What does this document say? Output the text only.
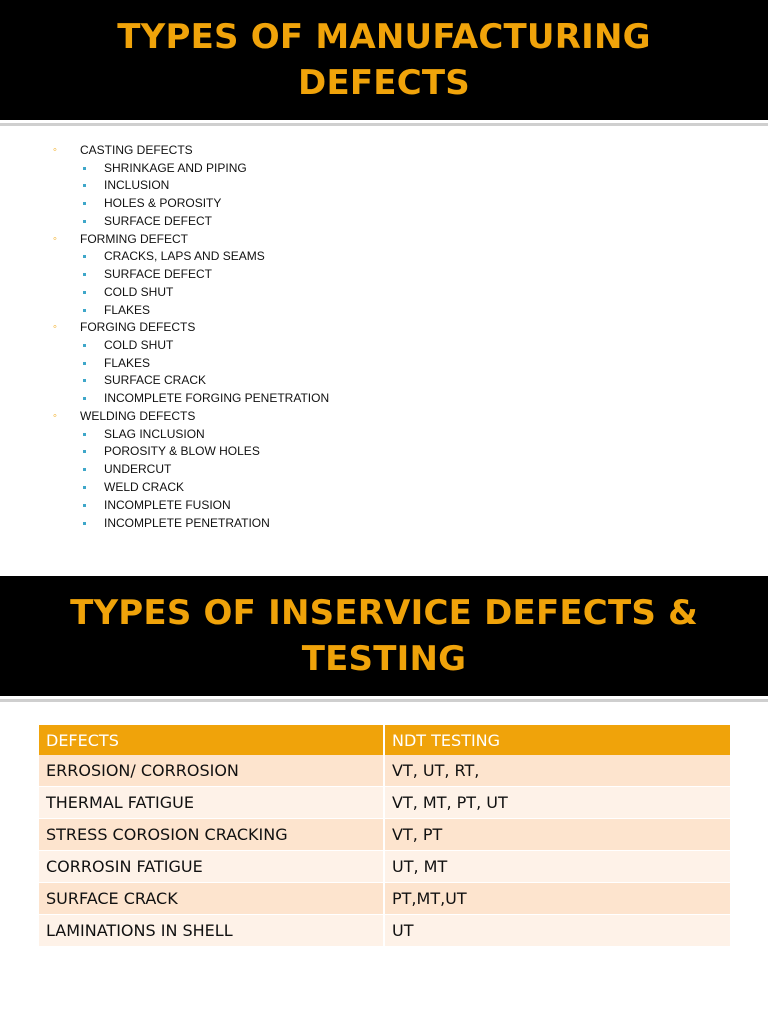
TYPES OF MANUFACTURING DEFECTS
◦ CASTING DEFECTS
SHRINKAGE AND PIPING
INCLUSION
HOLES & POROSITY
SURFACE DEFECT
◦ FORMING DEFECT
CRACKS, LAPS AND SEAMS
SURFACE DEFECT
COLD SHUT
FLAKES
◦ FORGING DEFECTS
COLD SHUT
FLAKES
SURFACE CRACK
INCOMPLETE FORGING PENETRATION
◦ WELDING DEFECTS
SLAG INCLUSION
POROSITY & BLOW HOLES
UNDERCUT
WELD CRACK
INCOMPLETE FUSION
INCOMPLETE PENETRATION
TYPES OF INSERVICE DEFECTS & TESTING
DEFECTS	NDT TESTING
ERROSION/ CORROSION	VT, UT, RT,
THERMAL FATIGUE	VT, MT, PT, UT
STRESS COROSION CRACKING	VT, PT
CORROSIN FATIGUE	UT, MT
SURFACE CRACK	PT,MT,UT
LAMINATIONS IN SHELL	UT
